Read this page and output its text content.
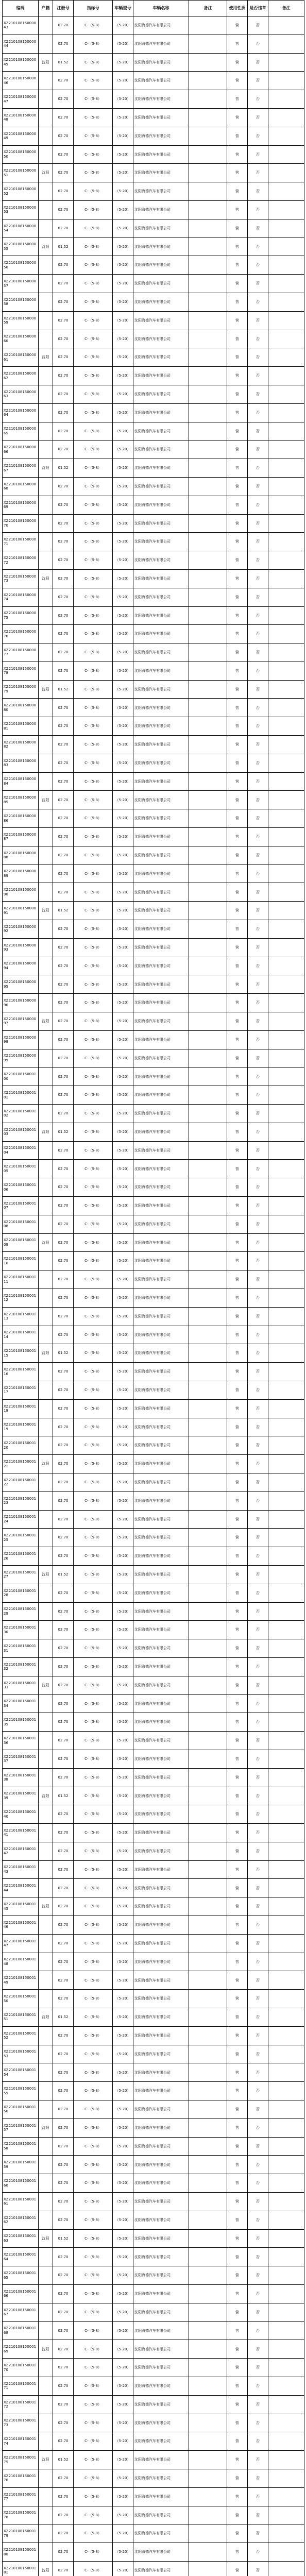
编码	户籍	注册号	指标号	车辆型号	车辆名称	备注	使用性质	是否违章	备注
XZ21010815000043		02.70	C-（5-8）	（5-20）	沈阳海德汽车有限公司		营	否	
XZ21010815000044		02.70	C-（5-8）	（5-20）	沈阳海德汽车有限公司		营	否	
XZ21010815000045	沈阳	01.52	C-（5-8）	（5-20）	沈阳海德汽车有限公司		营	否	
XZ21010815000046		02.70	C-（5-8）	（5-20）	沈阳海德汽车有限公司		营	否	
XZ21010815000047		02.70	C-（5-8）	（5-20）	沈阳海德汽车有限公司		营	否	
XZ21010815000048		02.70	C-（5-8）	（5-20）	沈阳海德汽车有限公司		营	否	
XZ21010815000049		02.70	C-（5-8）	（5-20）	沈阳海德汽车有限公司		营	否	
XZ21010815000050		02.70	C-（5-8）	（5-20）	沈阳海德汽车有限公司		营	否	
XZ21010815000051	沈阳	02.70	C-（5-8）	（5-20）	沈阳海德汽车有限公司		营	否	
XZ21010815000052		02.70	C-（5-8）	（5-20）	沈阳海德汽车有限公司		营	否	
XZ21010815000053		02.70	C-（5-8）	（5-20）	沈阳海德汽车有限公司		营	否	
XZ21010815000054		02.70	C-（5-8）	（5-20）	沈阳海德汽车有限公司		营	否	
XZ21010815000055	沈阳	01.52	C-（5-8）	（5-20）	沈阳海德汽车有限公司		营	否	
XZ21010815000056		02.70	C-（5-8）	（5-20）	沈阳海德汽车有限公司		营	否	
XZ21010815000057		02.70	C-（5-8）	（5-20）	沈阳海德汽车有限公司		营	否	
XZ21010815000058		02.70	C-（5-8）	（5-20）	沈阳海德汽车有限公司		营	否	
XZ21010815000059		02.70	C-（5-8）	（5-20）	沈阳海德汽车有限公司		营	否	
XZ21010815000060		02.70	C-（5-8）	（5-20）	沈阳海德汽车有限公司		营	否	
XZ21010815000061	沈阳	02.70	C-（5-8）	（5-20）	沈阳海德汽车有限公司		营	否	
XZ21010815000062		02.70	C-（5-8）	（5-20）	沈阳海德汽车有限公司		营	否	
XZ21010815000063		02.70	C-（5-8）	（5-20）	沈阳海德汽车有限公司		营	否	
XZ21010815000064		02.70	C-（5-8）	（5-20）	沈阳海德汽车有限公司		营	否	
XZ21010815000065		02.70	C-（5-8）	（5-20）	沈阳海德汽车有限公司		营	否	
XZ21010815000066		02.70	C-（5-8）	（5-20）	沈阳海德汽车有限公司		营	否	
XZ21010815000067	沈阳	01.52	C-（5-8）	（5-20）	沈阳海德汽车有限公司		营	否	
XZ21010815000068		02.70	C-（5-8）	（5-20）	沈阳海德汽车有限公司		营	否	
XZ21010815000069		02.70	C-（5-8）	（5-20）	沈阳海德汽车有限公司		营	否	
XZ21010815000070		02.70	C-（5-8）	（5-20）	沈阳海德汽车有限公司		营	否	
XZ21010815000071		02.70	C-（5-8）	（5-20）	沈阳海德汽车有限公司		营	否	
XZ21010815000072		02.70	C-（5-8）	（5-20）	沈阳海德汽车有限公司		营	否	
XZ21010815000073	沈阳	02.70	C-（5-8）	（5-20）	沈阳海德汽车有限公司		营	否	
XZ21010815000074		02.70	C-（5-8）	（5-20）	沈阳海德汽车有限公司		营	否	
XZ21010815000075		02.70	C-（5-8）	（5-20）	沈阳海德汽车有限公司		营	否	
XZ21010815000076		02.70	C-（5-8）	（5-20）	沈阳海德汽车有限公司		营	否	
XZ21010815000077		02.70	C-（5-8）	（5-20）	沈阳海德汽车有限公司		营	否	
XZ21010815000078		02.70	C-（5-8）	（5-20）	沈阳海德汽车有限公司		营	否	
XZ21010815000079	沈阳	01.52	C-（5-8）	（5-20）	沈阳海德汽车有限公司		营	否	
XZ21010815000080		02.70	C-（5-8）	（5-20）	沈阳海德汽车有限公司		营	否	
XZ21010815000081		02.70	C-（5-8）	（5-20）	沈阳海德汽车有限公司		营	否	
XZ21010815000082		02.70	C-（5-8）	（5-20）	沈阳海德汽车有限公司		营	否	
XZ21010815000083		02.70	C-（5-8）	（5-20）	沈阳海德汽车有限公司		营	否	
XZ21010815000084		02.70	C-（5-8）	（5-20）	沈阳海德汽车有限公司		营	否	
XZ21010815000085	沈阳	02.70	C-（5-8）	（5-20）	沈阳海德汽车有限公司		营	否	
XZ21010815000086		02.70	C-（5-8）	（5-20）	沈阳海德汽车有限公司		营	否	
XZ21010815000087		02.70	C-（5-8）	（5-20）	沈阳海德汽车有限公司		营	否	
XZ21010815000088		02.70	C-（5-8）	（5-20）	沈阳海德汽车有限公司		营	否	
XZ21010815000089		02.70	C-（5-8）	（5-20）	沈阳海德汽车有限公司		营	否	
XZ21010815000090		02.70	C-（5-8）	（5-20）	沈阳海德汽车有限公司		营	否	
XZ21010815000091	沈阳	01.52	C-（5-8）	（5-20）	沈阳海德汽车有限公司		营	否	
XZ21010815000092		02.70	C-（5-8）	（5-20）	沈阳海德汽车有限公司		营	否	
XZ21010815000093		02.70	C-（5-8）	（5-20）	沈阳海德汽车有限公司		营	否	
XZ21010815000094		02.70	C-（5-8）	（5-20）	沈阳海德汽车有限公司		营	否	
XZ21010815000095		02.70	C-（5-8）	（5-20）	沈阳海德汽车有限公司		营	否	
XZ21010815000096		02.70	C-（5-8）	（5-20）	沈阳海德汽车有限公司		营	否	
XZ21010815000097	沈阳	02.70	C-（5-8）	（5-20）	沈阳海德汽车有限公司		营	否	
XZ21010815000098		02.70	C-（5-8）	（5-20）	沈阳海德汽车有限公司		营	否	
XZ21010815000099		02.70	C-（5-8）	（5-20）	沈阳海德汽车有限公司		营	否	
XZ21010815000100		02.70	C-（5-8）	（5-20）	沈阳海德汽车有限公司		营	否	
XZ21010815000101		02.70	C-（5-8）	（5-20）	沈阳海德汽车有限公司		营	否	
XZ21010815000102		02.70	C-（5-8）	（5-20）	沈阳海德汽车有限公司		营	否	
XZ21010815000103	沈阳	01.52	C-（5-8）	（5-20）	沈阳海德汽车有限公司		营	否	
XZ21010815000104		02.70	C-（5-8）	（5-20）	沈阳海德汽车有限公司		营	否	
XZ21010815000105		02.70	C-（5-8）	（5-20）	沈阳海德汽车有限公司		营	否	
XZ21010815000106		02.70	C-（5-8）	（5-20）	沈阳海德汽车有限公司		营	否	
XZ21010815000107		02.70	C-（5-8）	（5-20）	沈阳海德汽车有限公司		营	否	
XZ21010815000108		02.70	C-（5-8）	（5-20）	沈阳海德汽车有限公司		营	否	
XZ21010815000109	沈阳	02.70	C-（5-8）	（5-20）	沈阳海德汽车有限公司		营	否	
XZ21010815000110		02.70	C-（5-8）	（5-20）	沈阳海德汽车有限公司		营	否	
XZ21010815000111		02.70	C-（5-8）	（5-20）	沈阳海德汽车有限公司		营	否	
XZ21010815000112		02.70	C-（5-8）	（5-20）	沈阳海德汽车有限公司		营	否	
XZ21010815000113		02.70	C-（5-8）	（5-20）	沈阳海德汽车有限公司		营	否	
XZ21010815000114		02.70	C-（5-8）	（5-20）	沈阳海德汽车有限公司		营	否	
XZ21010815000115	沈阳	01.52	C-（5-8）	（5-20）	沈阳海德汽车有限公司		营	否	
XZ21010815000116		02.70	C-（5-8）	（5-20）	沈阳海德汽车有限公司		营	否	
XZ21010815000117		02.70	C-（5-8）	（5-20）	沈阳海德汽车有限公司		营	否	
XZ21010815000118		02.70	C-（5-8）	（5-20）	沈阳海德汽车有限公司		营	否	
XZ21010815000119		02.70	C-（5-8）	（5-20）	沈阳海德汽车有限公司		营	否	
XZ21010815000120		02.70	C-（5-8）	（5-20）	沈阳海德汽车有限公司		营	否	
XZ21010815000121	沈阳	02.70	C-（5-8）	（5-20）	沈阳海德汽车有限公司		营	否	
XZ21010815000122		02.70	C-（5-8）	（5-20）	沈阳海德汽车有限公司		营	否	
XZ21010815000123		02.70	C-（5-8）	（5-20）	沈阳海德汽车有限公司		营	否	
XZ21010815000124		02.70	C-（5-8）	（5-20）	沈阳海德汽车有限公司		营	否	
XZ21010815000125		02.70	C-（5-8）	（5-20）	沈阳海德汽车有限公司		营	否	
XZ21010815000126		02.70	C-（5-8）	（5-20）	沈阳海德汽车有限公司		营	否	
XZ21010815000127	沈阳	01.52	C-（5-8）	（5-20）	沈阳海德汽车有限公司		营	否	
XZ21010815000128		02.70	C-（5-8）	（5-20）	沈阳海德汽车有限公司		营	否	
XZ21010815000129		02.70	C-（5-8）	（5-20）	沈阳海德汽车有限公司		营	否	
XZ21010815000130		02.70	C-（5-8）	（5-20）	沈阳海德汽车有限公司		营	否	
XZ21010815000131		02.70	C-（5-8）	（5-20）	沈阳海德汽车有限公司		营	否	
XZ21010815000132		02.70	C-（5-8）	（5-20）	沈阳海德汽车有限公司		营	否	
XZ21010815000133	沈阳	02.70	C-（5-8）	（5-20）	沈阳海德汽车有限公司		营	否	
XZ21010815000134		02.70	C-（5-8）	（5-20）	沈阳海德汽车有限公司		营	否	
XZ21010815000135		02.70	C-（5-8）	（5-20）	沈阳海德汽车有限公司		营	否	
XZ21010815000136		02.70	C-（5-8）	（5-20）	沈阳海德汽车有限公司		营	否	
XZ21010815000137		02.70	C-（5-8）	（5-20）	沈阳海德汽车有限公司		营	否	
XZ21010815000138		02.70	C-（5-8）	（5-20）	沈阳海德汽车有限公司		营	否	
XZ21010815000139	沈阳	01.52	C-（5-8）	（5-20）	沈阳海德汽车有限公司		营	否	
XZ21010815000140		02.70	C-（5-8）	（5-20）	沈阳海德汽车有限公司		营	否	
XZ21010815000141		02.70	C-（5-8）	（5-20）	沈阳海德汽车有限公司		营	否	
XZ21010815000142		02.70	C-（5-8）	（5-20）	沈阳海德汽车有限公司		营	否	
XZ21010815000143		02.70	C-（5-8）	（5-20）	沈阳海德汽车有限公司		营	否	
XZ21010815000144		02.70	C-（5-8）	（5-20）	沈阳海德汽车有限公司		营	否	
XZ21010815000145	沈阳	02.70	C-（5-8）	（5-20）	沈阳海德汽车有限公司		营	否	
XZ21010815000146		02.70	C-（5-8）	（5-20）	沈阳海德汽车有限公司		营	否	
XZ21010815000147		02.70	C-（5-8）	（5-20）	沈阳海德汽车有限公司		营	否	
XZ21010815000148		02.70	C-（5-8）	（5-20）	沈阳海德汽车有限公司		营	否	
XZ21010815000149		02.70	C-（5-8）	（5-20）	沈阳海德汽车有限公司		营	否	
XZ21010815000150		02.70	C-（5-8）	（5-20）	沈阳海德汽车有限公司		营	否	
XZ21010815000151	沈阳	01.52	C-（5-8）	（5-20）	沈阳海德汽车有限公司		营	否	
XZ21010815000152		02.70	C-（5-8）	（5-20）	沈阳海德汽车有限公司		营	否	
XZ21010815000153		02.70	C-（5-8）	（5-20）	沈阳海德汽车有限公司		营	否	
XZ21010815000154		02.70	C-（5-8）	（5-20）	沈阳海德汽车有限公司		营	否	
XZ21010815000155		02.70	C-（5-8）	（5-20）	沈阳海德汽车有限公司		营	否	
XZ21010815000156		02.70	C-（5-8）	（5-20）	沈阳海德汽车有限公司		营	否	
XZ21010815000157	沈阳	02.70	C-（5-8）	（5-20）	沈阳海德汽车有限公司		营	否	
XZ21010815000158		02.70	C-（5-8）	（5-20）	沈阳海德汽车有限公司		营	否	
XZ21010815000159		02.70	C-（5-8）	（5-20）	沈阳海德汽车有限公司		营	否	
XZ21010815000160		02.70	C-（5-8）	（5-20）	沈阳海德汽车有限公司		营	否	
XZ21010815000161		02.70	C-（5-8）	（5-20）	沈阳海德汽车有限公司		营	否	
XZ21010815000162		02.70	C-（5-8）	（5-20）	沈阳海德汽车有限公司		营	否	
XZ21010815000163	沈阳	01.52	C-（5-8）	（5-20）	沈阳海德汽车有限公司		营	否	
XZ21010815000164		02.70	C-（5-8）	（5-20）	沈阳海德汽车有限公司		营	否	
XZ21010815000165		02.70	C-（5-8）	（5-20）	沈阳海德汽车有限公司		营	否	
XZ21010815000166		02.70	C-（5-8）	（5-20）	沈阳海德汽车有限公司		营	否	
XZ21010815000167		02.70	C-（5-8）	（5-20）	沈阳海德汽车有限公司		营	否	
XZ21010815000168		02.70	C-（5-8）	（5-20）	沈阳海德汽车有限公司		营	否	
XZ21010815000169	沈阳	02.70	C-（5-8）	（5-20）	沈阳海德汽车有限公司		营	否	
XZ21010815000170		02.70	C-（5-8）	（5-20）	沈阳海德汽车有限公司		营	否	
XZ21010815000171		02.70	C-（5-8）	（5-20）	沈阳海德汽车有限公司		营	否	
XZ21010815000172		02.70	C-（5-8）	（5-20）	沈阳海德汽车有限公司		营	否	
XZ21010815000173		02.70	C-（5-8）	（5-20）	沈阳海德汽车有限公司		营	否	
XZ21010815000174		02.70	C-（5-8）	（5-20）	沈阳海德汽车有限公司		营	否	
XZ21010815000175	沈阳	01.52	C-（5-8）	（5-20）	沈阳海德汽车有限公司		营	否	
XZ21010815000176		02.70	C-（5-8）	（5-20）	沈阳海德汽车有限公司		营	否	
XZ21010815000177		02.70	C-（5-8）	（5-20）	沈阳海德汽车有限公司		营	否	
XZ21010815000178		02.70	C-（5-8）	（5-20）	沈阳海德汽车有限公司		营	否	
XZ21010815000179		02.70	C-（5-8）	（5-20）	沈阳海德汽车有限公司		营	否	
XZ21010815000180		02.70	C-（5-8）	（5-20）	沈阳海德汽车有限公司		营	否	
XZ21010815000181	沈阳	02.70	C-（5-8）	（5-20）	沈阳海德汽车有限公司		营	否	
